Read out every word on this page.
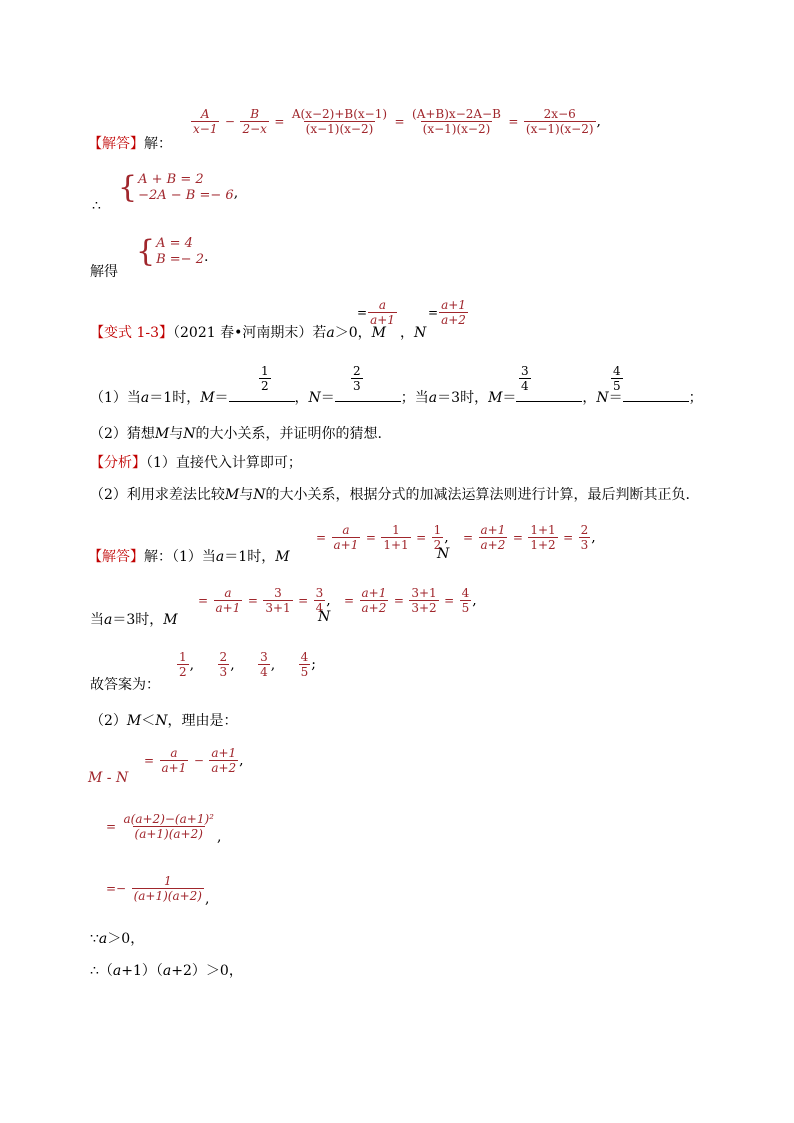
【解答】解：
$\frac{A}{x-1} - \frac{B}{2-x} = \frac{A(x-2)+B(x-1)}{(x-1)(x-2)} = \frac{(A+B)x-2A-B}{(x-1)(x-2)} = \frac{2x-6}{(x-1)(x-2)}$ ,
∴
{ A + B = 2
−2A − B =− 6 ,
解得
{ A = 4
B =− 2 .
【变式 1-3】（2021 春•河南期末）若a＞0，M
= $\frac{a}{a+1}$
，N
= $\frac{a+1}{a+2}$
（1）当a＝1时，M＝	，N＝	；当a＝3时，M＝	，N＝	；
$\frac{1}{2}$	$\frac{2}{3}$	$\frac{3}{4}$	$\frac{4}{5}$
（2）猜想M与N的大小关系，并证明你的猜想.
【分析】（1）直接代入计算即可；
（2）利用求差法比较M与N的大小关系，根据分式的加减法运算法则进行计算，最后判断其正负.
【解答】解：（1）当a＝1时，M
= $\frac{a}{a+1} = \frac{1}{1+1} = \frac{1}{2}$ ,
N
= $\frac{a+1}{a+2} = \frac{1+1}{1+2} = \frac{2}{3}$ ,
当a＝3时，M
= $\frac{a}{a+1} = \frac{3}{3+1} = \frac{3}{4}$ ,
N
= $\frac{a+1}{a+2} = \frac{3+1}{3+2} = \frac{4}{5}$ ,
故答案为：
$\frac{1}{2}$ , $\frac{2}{3}$ , $\frac{3}{4}$ , $\frac{4}{5}$ ;
（2）M＜N，理由是：
M - N
= $\frac{a}{a+1} - \frac{a+1}{a+2}$ ,
= $\frac{\text{a(a+2)−(a+1)²}}{(a+1)(a+2)}$ ,
=− $\frac{1}{(a+1)(a+2)}$ ,
∵a＞0，
∴（a+1）（a+2）＞0，
